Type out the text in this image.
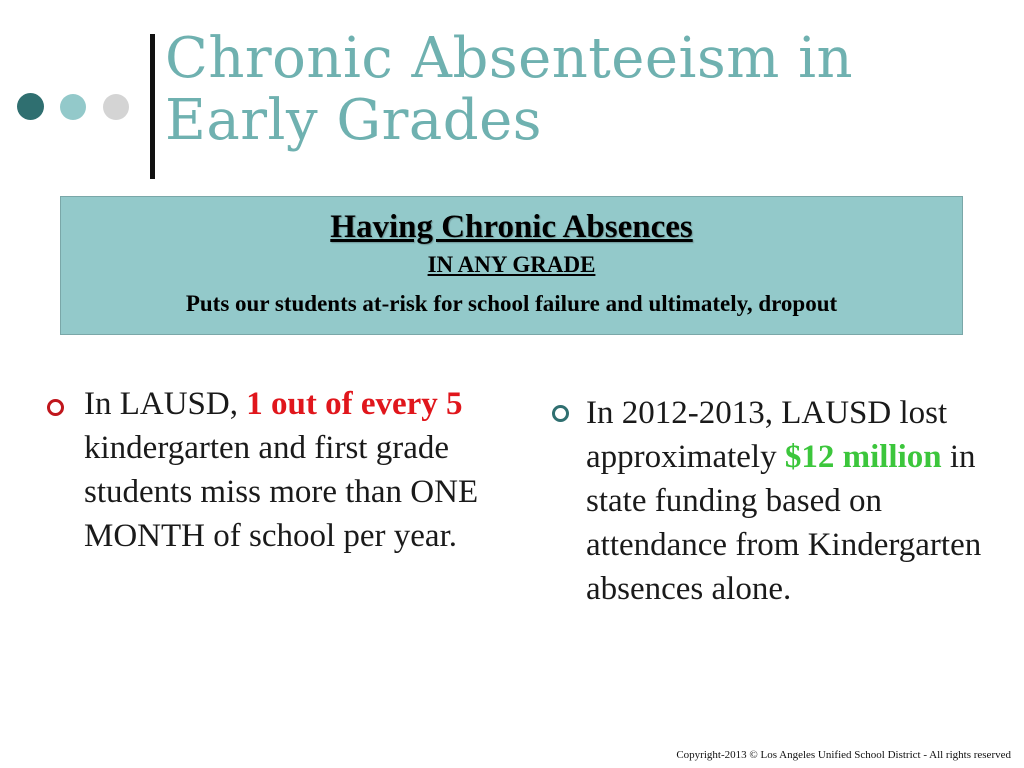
Chronic Absenteeism in Early Grades
Having Chronic Absences
IN ANY GRADE
Puts our students at-risk for school failure and ultimately, dropout
In LAUSD, 1 out of every 5 kindergarten and first grade students miss more than ONE MONTH of school per year.
In 2012-2013, LAUSD lost approximately $12 million in state funding based on attendance from Kindergarten absences alone.
Copyright-2013 © Los Angeles Unified School District - All rights reserved
